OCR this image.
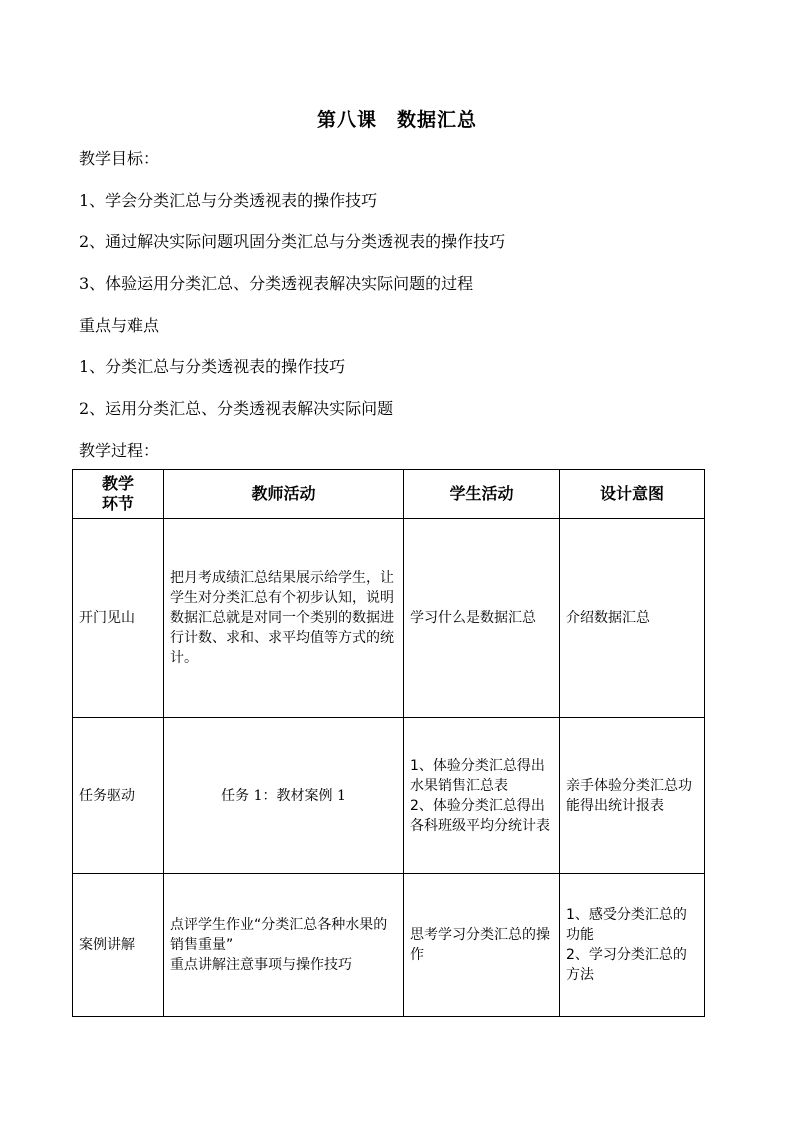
第八课　数据汇总
教学目标：
1、学会分类汇总与分类透视表的操作技巧
2、通过解决实际问题巩固分类汇总与分类透视表的操作技巧
3、体验运用分类汇总、分类透视表解决实际问题的过程
重点与难点
1、分类汇总与分类透视表的操作技巧
2、运用分类汇总、分类透视表解决实际问题
教学过程：
教学
环节	教师活动	学生活动	设计意图
开门见山	把月考成绩汇总结果展示给学生，让学生对分类汇总有个初步认知，说明数据汇总就是对同一个类别的数据进行计数、求和、求平均值等方式的统计。	学习什么是数据汇总	介绍数据汇总
任务驱动	任务 1：教材案例 1	1、体验分类汇总得出水果销售汇总表
2、体验分类汇总得出各科班级平均分统计表	亲手体验分类汇总功能得出统计报表
案例讲解	点评学生作业“分类汇总各种水果的销售重量”
重点讲解注意事项与操作技巧	思考学习分类汇总的操作	1、感受分类汇总的功能
2、学习分类汇总的方法
